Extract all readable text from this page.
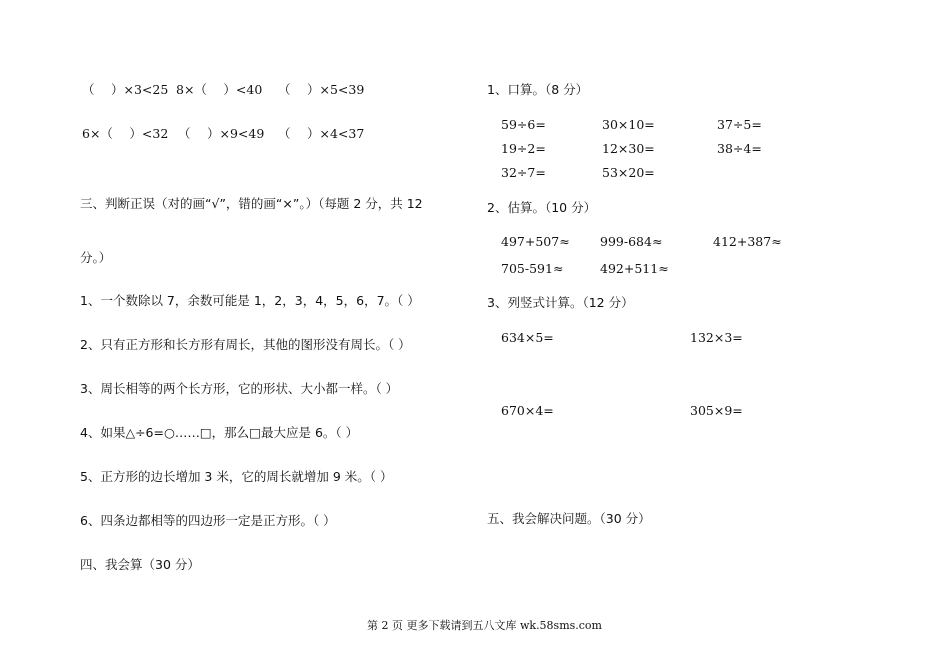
（　 ）×3<25 8×（　 ）<40 （　 ）×5<39
6×（　 ）<32 （　 ）×9<49 （　 ）×4<37
三、判断正误（对的画“√”，错的画“×”。）（每题 2 分，共 12
分。）
1、一个数除以 7，余数可能是 1，2，3，4，5，6，7。（ ）
2、只有正方形和长方形有周长，其他的图形没有周长。（ ）
3、周长相等的两个长方形，它的形状、大小都一样。（ ）
4、如果△÷6=○……□，那么□最大应是 6。（ ）
5、正方形的边长增加 3 米，它的周长就增加 9 米。（ ）
6、四条边都相等的四边形一定是正方形。（ ）
四、我会算（30 分）
1、口算。（8 分）
59÷6=	30×10=	37÷5=
19÷2=	12×30=	38÷4=
32÷7=	53×20=
2、估算。（10 分）
497+507≈ 999-684≈	412+387≈
705-591≈	492+511≈
3、列竖式计算。（12 分）
634×5=	132×3=
670×4=	305×9=
五、我会解决问题。（30 分）
第 2 页 更多下载请到五八文库 wk.58sms.com
